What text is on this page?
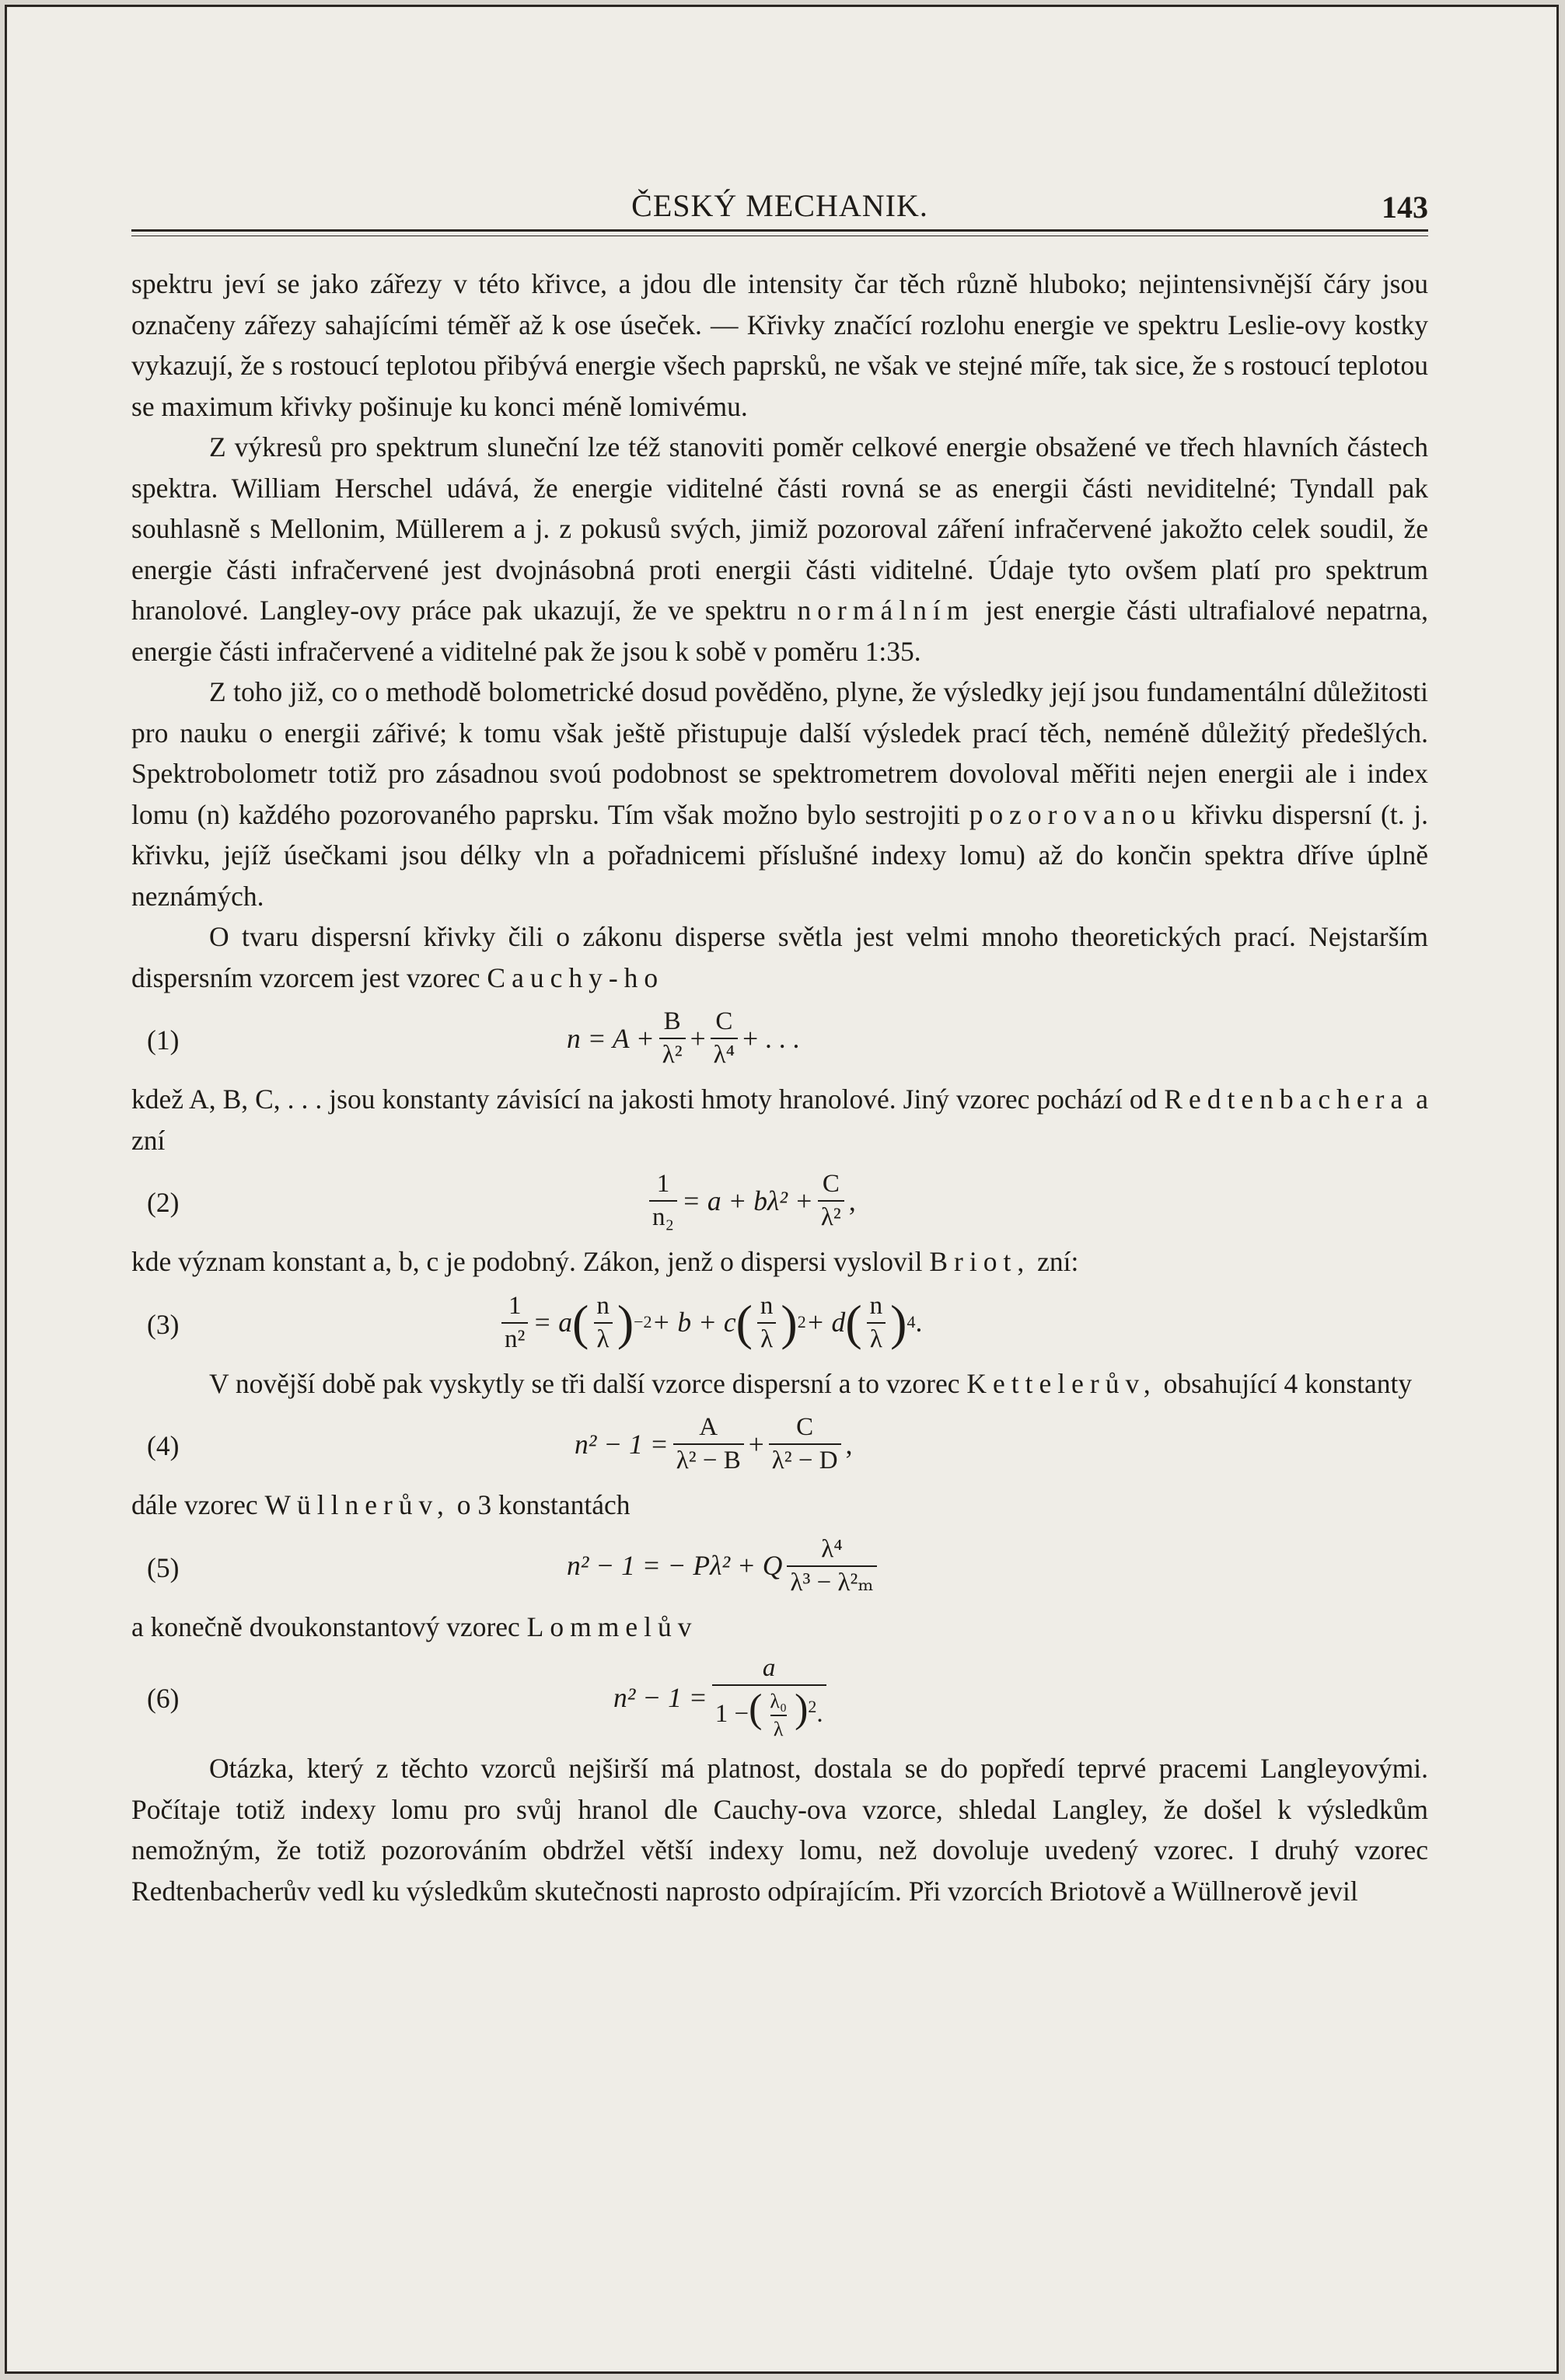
ČESKÝ MECHANIK.	143

spektru jeví se jako zářezy v této křivce, a jdou dle intensity čar těch různě hluboko; nejintensivnější čáry jsou označeny zářezy sahajícími téměř až k ose úseček. — Křivky značící rozlohu energie ve spektru Leslie-ovy kostky vykazují, že s rostoucí teplotou přibývá energie všech paprsků, ne však ve stejné míře, tak sice, že s rostoucí teplotou se maximum křivky pošinuje ku konci méně lomivému.

Z výkresů pro spektrum sluneční lze též stanoviti poměr celkové energie obsažené ve třech hlavních částech spektra. William Herschel udává, že energie viditelné části rovná se as energii části neviditelné; Tyndall pak souhlasně s Mellonim, Müllerem a j. z pokusů svých, jimiž pozoroval záření infračervené jakožto celek soudil, že energie části infračervené jest dvojnásobná proti energii části viditelné. Údaje tyto ovšem platí pro spektrum hranolové. Langley-ovy práce pak ukazují, že ve spektru normálním jest energie části ultrafialové nepatrna, energie části infračervené a viditelné pak že jsou k sobě v poměru 1:35.

Z toho již, co o methodě bolometrické dosud pověděno, plyne, že výsledky její jsou fundamentální důležitosti pro nauku o energii zářivé; k tomu však ještě přistupuje další výsledek prací těch, neméně důležitý předešlých. Spektrobolometr totiž pro zásadnou svoú podobnost se spektrometrem dovoloval měřiti nejen energii ale i index lomu (n) každého pozorovaného paprsku. Tím však možno bylo sestrojiti pozorovanou křivku dispersní (t. j. křivku, jejíž úsečkami jsou délky vln a pořadnicemi příslušné indexy lomu) až do končin spektra dříve úplně neznámých.

O tvaru dispersní křivky čili o zákonu disperse světla jest velmi mnoho theoretických prací. Nejstarším dispersním vzorcem jest vzorec Cauchy-ho

(1)	$n = A + \frac{B}{\text{λ²}} + \frac{C}{\text{λ⁴}}$ + . . .

kdež A, B, C, . . . jsou konstanty závisící na jakosti hmoty hranolové. Jiný vzorec pochází od Redtenbachera a zní

(2)	$\frac{1}{\text{n₂}} = a + b\lambda^2 + \frac{C}{\text{λ²}}$ ,

kde význam konstant a, b, c je podobný. Zákon, jenž o dispersi vyslovil Briot, zní:

(3)	$\frac{1}{\text{n²}} = a$ ( $\frac{n}{\lambda}$ ) −2 + b + c ( $\frac{n}{\lambda}$ ) 2 + d ( $\frac{n}{\lambda}$ ) 4 .

V novější době pak vyskytly se tři další vzorce dispersní a to vzorec Kettelerův, obsahující 4 konstanty

(4)	$n^2 - 1 = \frac{A}{\text{λ² − B}} + \frac{C}{\text{λ² − D}}$ ,

dále vzorec Wüllnerův, o 3 konstantách

(5)	n² − 1 = − Pλ² + Q $\frac{\text{λ⁴}}{\text{λ³ − λ²ₘ}}$

a konečně dvoukonstantový vzorec Lommelův

(6)	$n^2 - 1 = \frac{a}{1 -( \frac{\text{λ₀}}{\lambda} )^2.}$

Otázka, který z těchto vzorců nejširší má platnost, dostala se do popředí teprvé pracemi Langleyovými. Počítaje totiž indexy lomu pro svůj hranol dle Cauchy-ova vzorce, shledal Langley, že došel k výsledkům nemožným, že totiž pozorováním obdržel větší indexy lomu, než dovoluje uvedený vzorec. I druhý vzorec Redtenbacherův vedl ku výsledkům skutečnosti naprosto odpírajícím. Při vzorcích Briotově a Wüllnerově jevil
